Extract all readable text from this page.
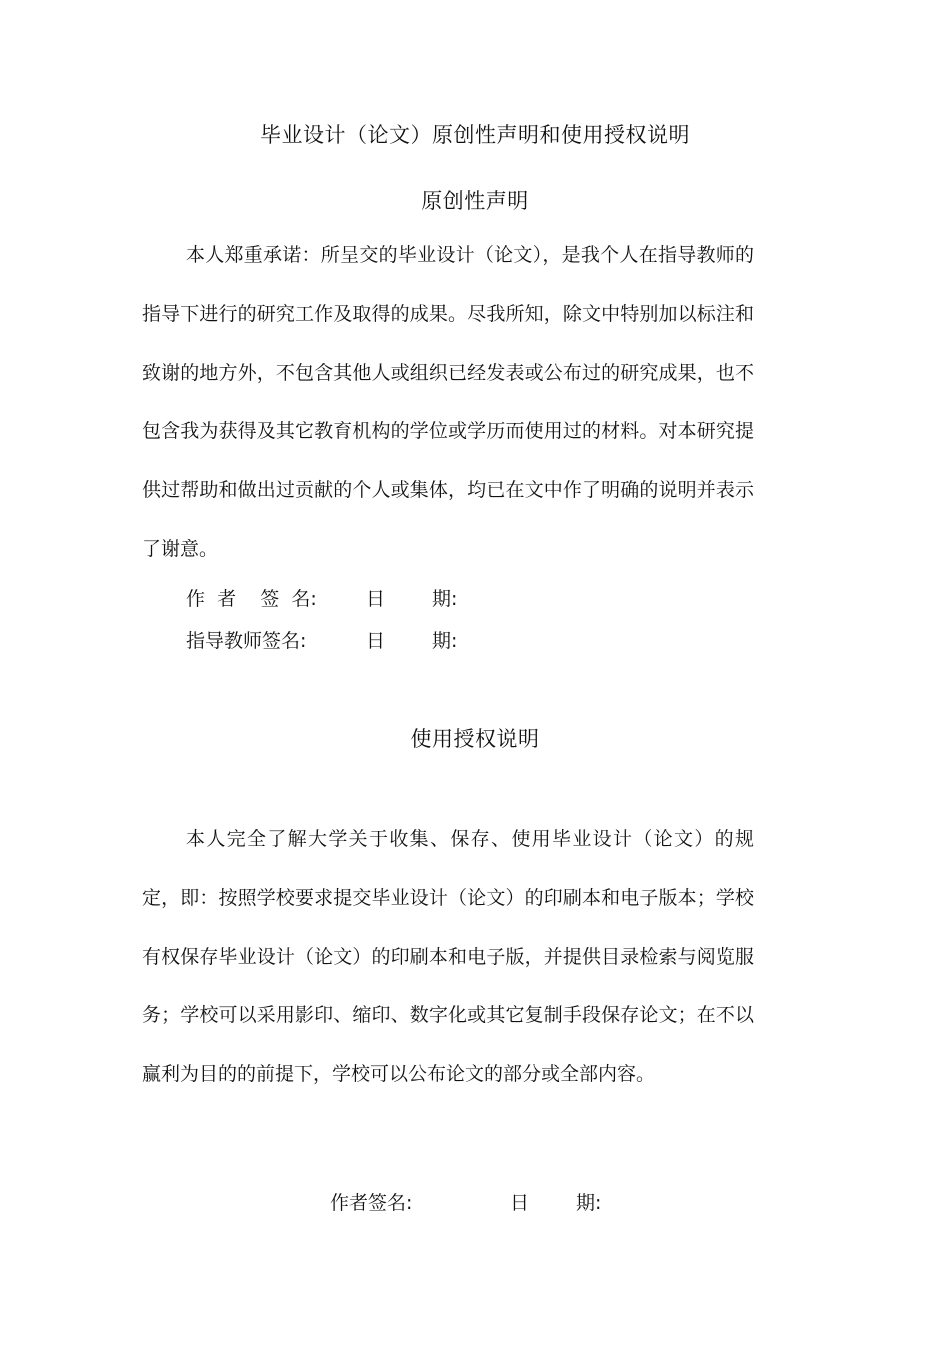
毕业设计（论文）原创性声明和使用授权说明
原创性声明

本人郑重承诺：所呈交的毕业设计（论文），是我个人在指导教师的指导下进行的研究工作及取得的成果。尽我所知，除文中特别加以标注和致谢的地方外，不包含其他人或组织已经发表或公布过的研究成果，也不包含我为获得及其它教育机构的学位或学历而使用过的材料。对本研究提供过帮助和做出过贡献的个人或集体，均已在文中作了明确的说明并表示了谢意。

作  者    签  名:	日 期:
指导教师签名:	日 期:
使用授权说明

本人完全了解大学关于收集、保存、使用毕业设计（论文）的规定，即：按照学校要求提交毕业设计（论文）的印刷本和电子版本；学校有权保存毕业设计（论文）的印刷本和电子版，并提供目录检索与阅览服务；学校可以采用影印、缩印、数字化或其它复制手段保存论文；在不以赢利为目的的前提下，学校可以公布论文的部分或全部内容。

作者签名:	日 期:
